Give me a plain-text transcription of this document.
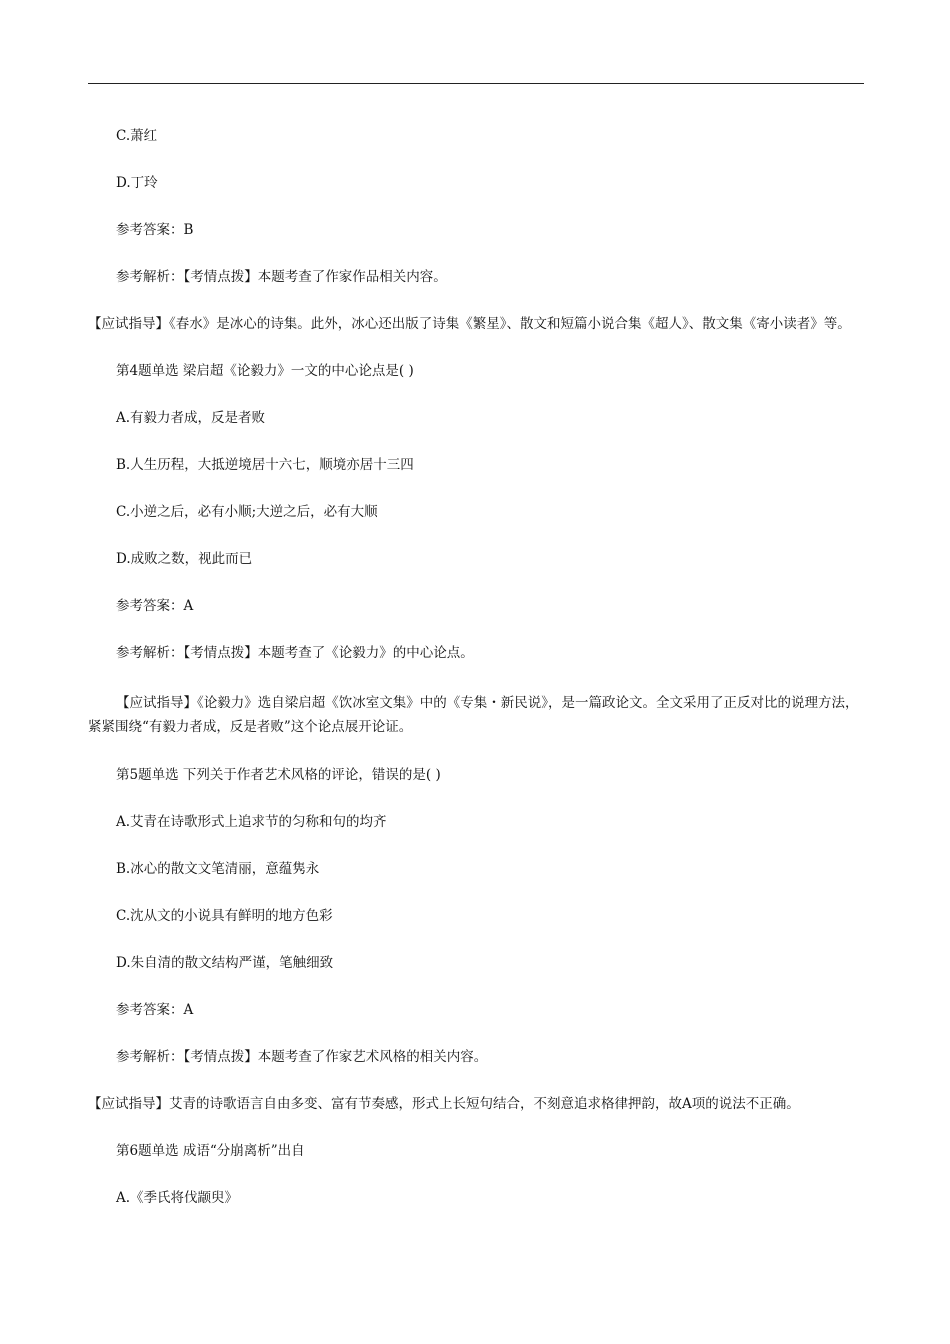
C.萧红
D.丁玲
参考答案：B
参考解析：【考情点拨】本题考查了作家作品相关内容。
【应试指导】《春水》是冰心的诗集。此外，冰心还出版了诗集《繁星》、散文和短篇小说合集《超人》、散文集《寄小读者》等。
第4题单选 梁启超《论毅力》一文的中心论点是( )
A.有毅力者成，反是者败
B.人生历程，大抵逆境居十六七，顺境亦居十三四
C.小逆之后，必有小顺;大逆之后，必有大顺
D.成败之数，视此而已
参考答案：A
参考解析：【考情点拨】本题考查了《论毅力》的中心论点。
【应试指导】《论毅力》选自梁启超《饮冰室文集》中的《专集・新民说》，是一篇政论文。全文采用了正反对比的说理方法，紧紧围绕“有毅力者成，反是者败”这个论点展开论证。
第5题单选 下列关于作者艺术风格的评论，错误的是( )
A.艾青在诗歌形式上追求节的匀称和句的均齐
B.冰心的散文文笔清丽，意蕴隽永
C.沈从文的小说具有鲜明的地方色彩
D.朱自清的散文结构严谨，笔触细致
参考答案：A
参考解析：【考情点拨】本题考查了作家艺术风格的相关内容。
【应试指导】艾青的诗歌语言自由多变、富有节奏感，形式上长短句结合，不刻意追求格律押韵，故A项的说法不正确。
第6题单选 成语“分崩离析”出自
A.《季氏将伐颛臾》
